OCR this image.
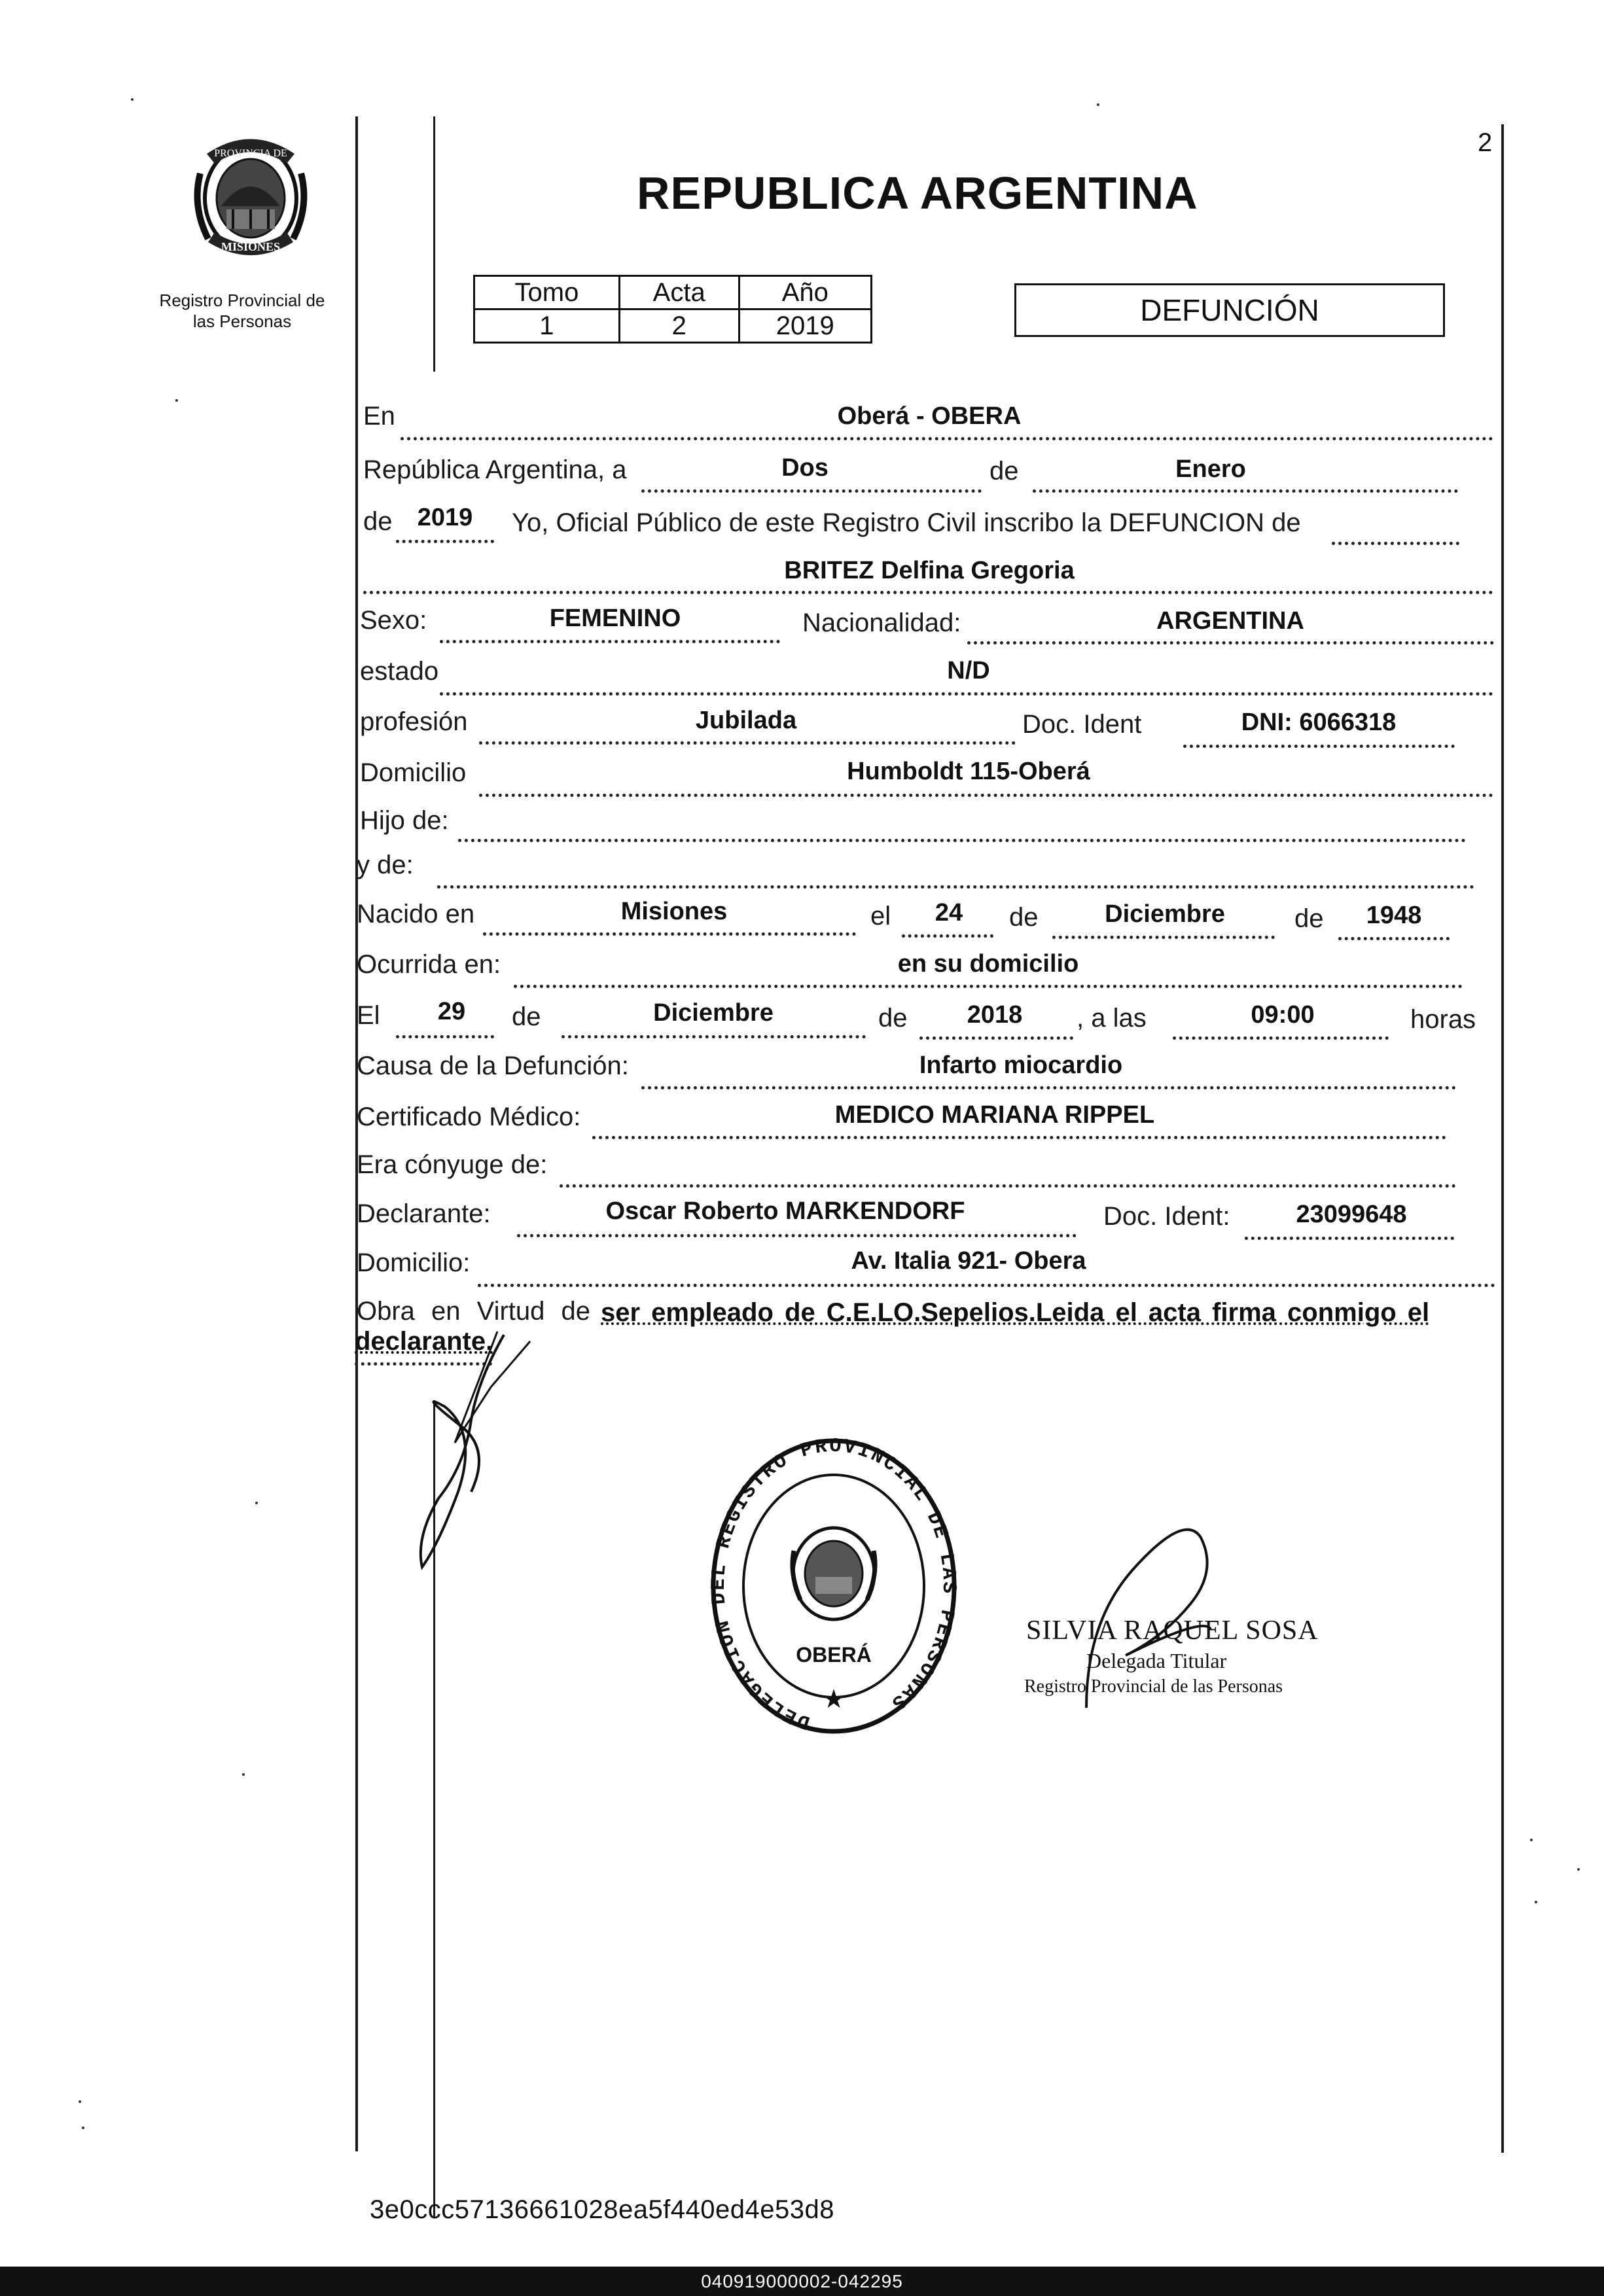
PROVINCIA DE
MISIONES
Registro Provincial de
las Personas
2
REPUBLICA ARGENTINA
Tomo	Acta	Año
1	2	2019	DEFUNCIÓN
En	Oberá - OBERA
República Argentina, a	Dos	de	Enero
de	2019	Yo, Oficial Público de este Registro Civil inscribo la DEFUNCION de
BRITEZ Delfina Gregoria
Sexo:	FEMENINO	Nacionalidad:	ARGENTINA
estado	N/D
profesión	Jubilada	Doc. Ident	DNI: 6066318
Domicilio	Humboldt 115-Oberá
Hijo de:
y de:
Nacido en	Misiones	el	24	de	Diciembre	de	1948
Ocurrida en:	en su domicilio
El	29	de	Diciembre	de	2018	, a las	09:00	horas
Causa de la Defunción:	Infarto miocardio
Certificado Médico:	MEDICO MARIANA RIPPEL
Era cónyuge de:
Declarante:	Oscar Roberto MARKENDORF	Doc. Ident:	23099648
Domicilio:	Av. Italia 921- Obera
Obra en Virtud de ser empleado de C.E.LO.Sepelios.Leida el acta firma conmigo el
declarante.
DELEGACION DEL REGISTRO PROVINCIAL DE LAS PERSONAS
OBERÁ
★
SILVIA RAQUEL SOSA
Delegada Titular
Registro Provincial de las Personas
3e0ccc57136661028ea5f440ed4e53d8
040919000002-042295
